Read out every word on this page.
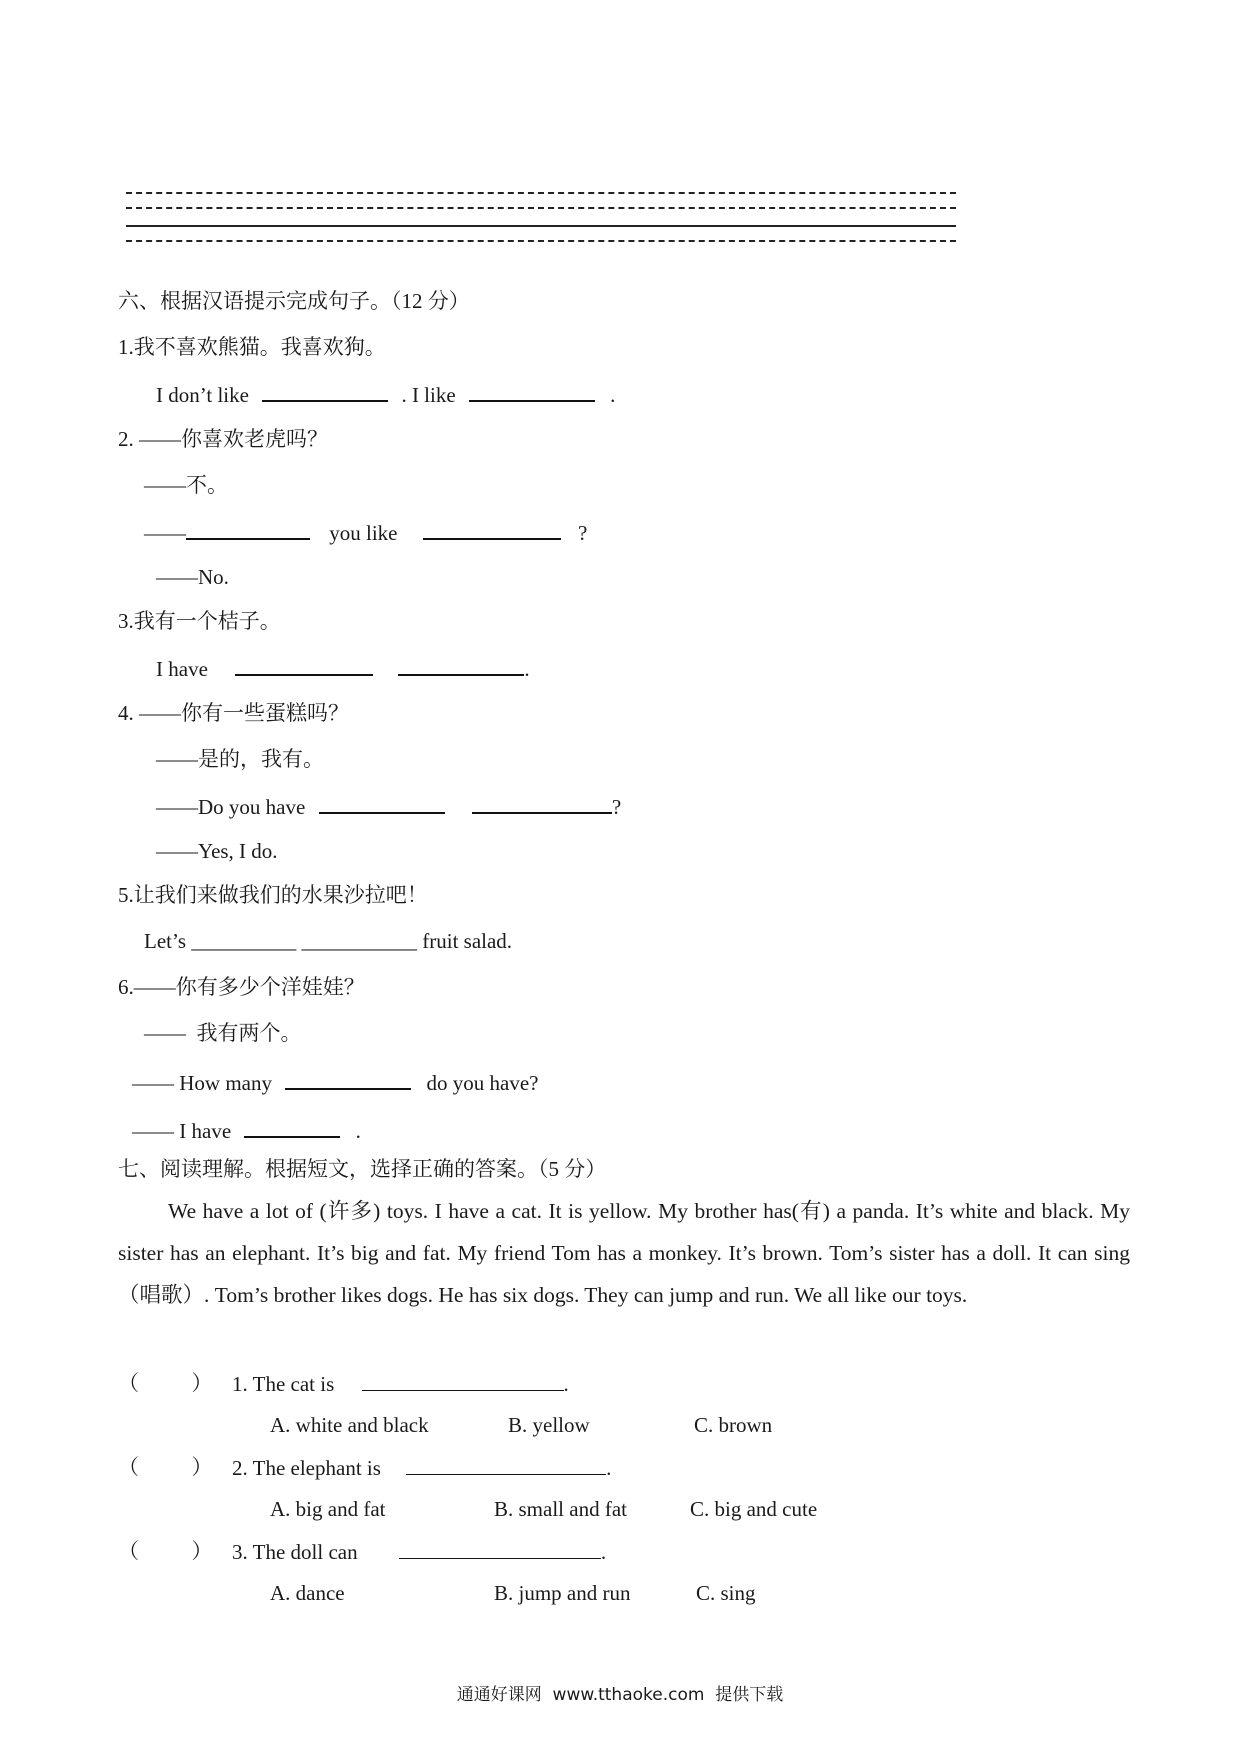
六、根据汉语提示完成句子。（12 分）
1.我不喜欢熊猫。我喜欢狗。
I don’t like	. I like	.
2. ——你喜欢老虎吗？
——不。
——	you like	?
——No.
3.我有一个桔子。
I have	.
4. ——你有一些蛋糕吗？
——是的，我有。
——Do you have	?
——Yes, I do.
5.让我们来做我们的水果沙拉吧！
Let’s __________ ___________ fruit salad.
6.——你有多少个洋娃娃？
——  我有两个。
—— How many	do you have?
—— I have	.
七、阅读理解。根据短文，选择正确的答案。（5 分）
We have a lot of (许多) toys. I have a cat. It is yellow. My brother has(有) a panda. It’s white and black. My sister has an elephant. It’s big and fat. My friend Tom has a monkey. It’s brown. Tom’s sister has a doll. It can sing（唱歌）. Tom’s brother likes dogs. He has six dogs. They can jump and run. We all like our toys.
（          ） 1. The cat is	.
A. white and black	B. yellow	C. brown
（          ） 2. The elephant is	.
A. big and fat	B. small and fat	C. big and cute
（          ） 3. The doll can	.
A. dance	B. jump and run	C. sing
通通好课网  www.tthaoke.com  提供下载
